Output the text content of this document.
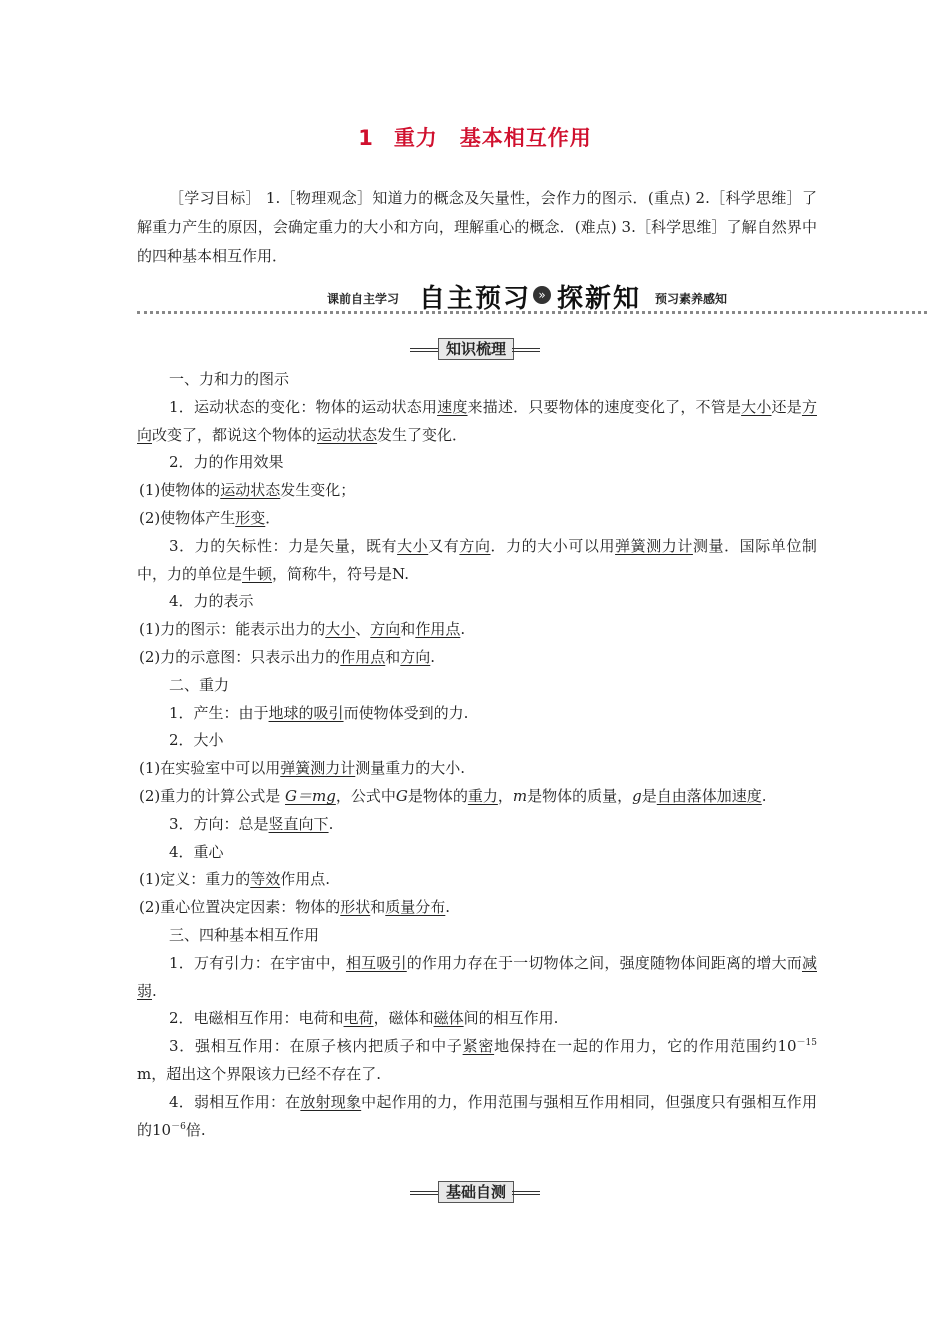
1 重力　基本相互作用
［学习目标］ 1.［物理观念］知道力的概念及矢量性，会作力的图示．(重点) 2.［科学思维］了解重力产生的原因，会确定重力的大小和方向，理解重心的概念．(难点) 3.［科学思维］了解自然界中的四种基本相互作用．
课前自主学习 自主预习 » 探新知 预习素养感知
知识梳理

一、力和力的图示

1．运动状态的变化：物体的运动状态用速度来描述．只要物体的速度变化了，不管是大小还是方向改变了，都说这个物体的运动状态发生了变化．

2．力的作用效果

(1)使物体的运动状态发生变化；

(2)使物体产生形变．

3．力的矢标性：力是矢量，既有大小又有方向．力的大小可以用弹簧测力计测量．国际单位制中，力的单位是牛顿，简称牛，符号是N.

4．力的表示

(1)力的图示：能表示出力的大小、方向和作用点.

(2)力的示意图：只表示出力的作用点和方向.

二、重力

1．产生：由于地球的吸引而使物体受到的力.

2．大小

(1)在实验室中可以用弹簧测力计测量重力的大小.

(2)重力的计算公式是 G＝mg，公式中G是物体的重力，m是物体的质量，g是自由落体加速度.

3．方向：总是竖直向下.

4．重心

(1)定义：重力的等效作用点.

(2)重心位置决定因素：物体的形状和质量分布.

三、四种基本相互作用

1．万有引力：在宇宙中，相互吸引的作用力存在于一切物体之间，强度随物体间距离的增大而减弱.

2．电磁相互作用：电荷和电荷，磁体和磁体间的相互作用.

3．强相互作用：在原子核内把质子和中子紧密地保持在一起的作用力，它的作用范围约$10^{-15}$ m，超出这个界限该力已经不存在了.

4．弱相互作用：在放射现象中起作用的力，作用范围与强相互作用相同，但强度只有强相互作用的$10^{-6}$倍.

基础自测
